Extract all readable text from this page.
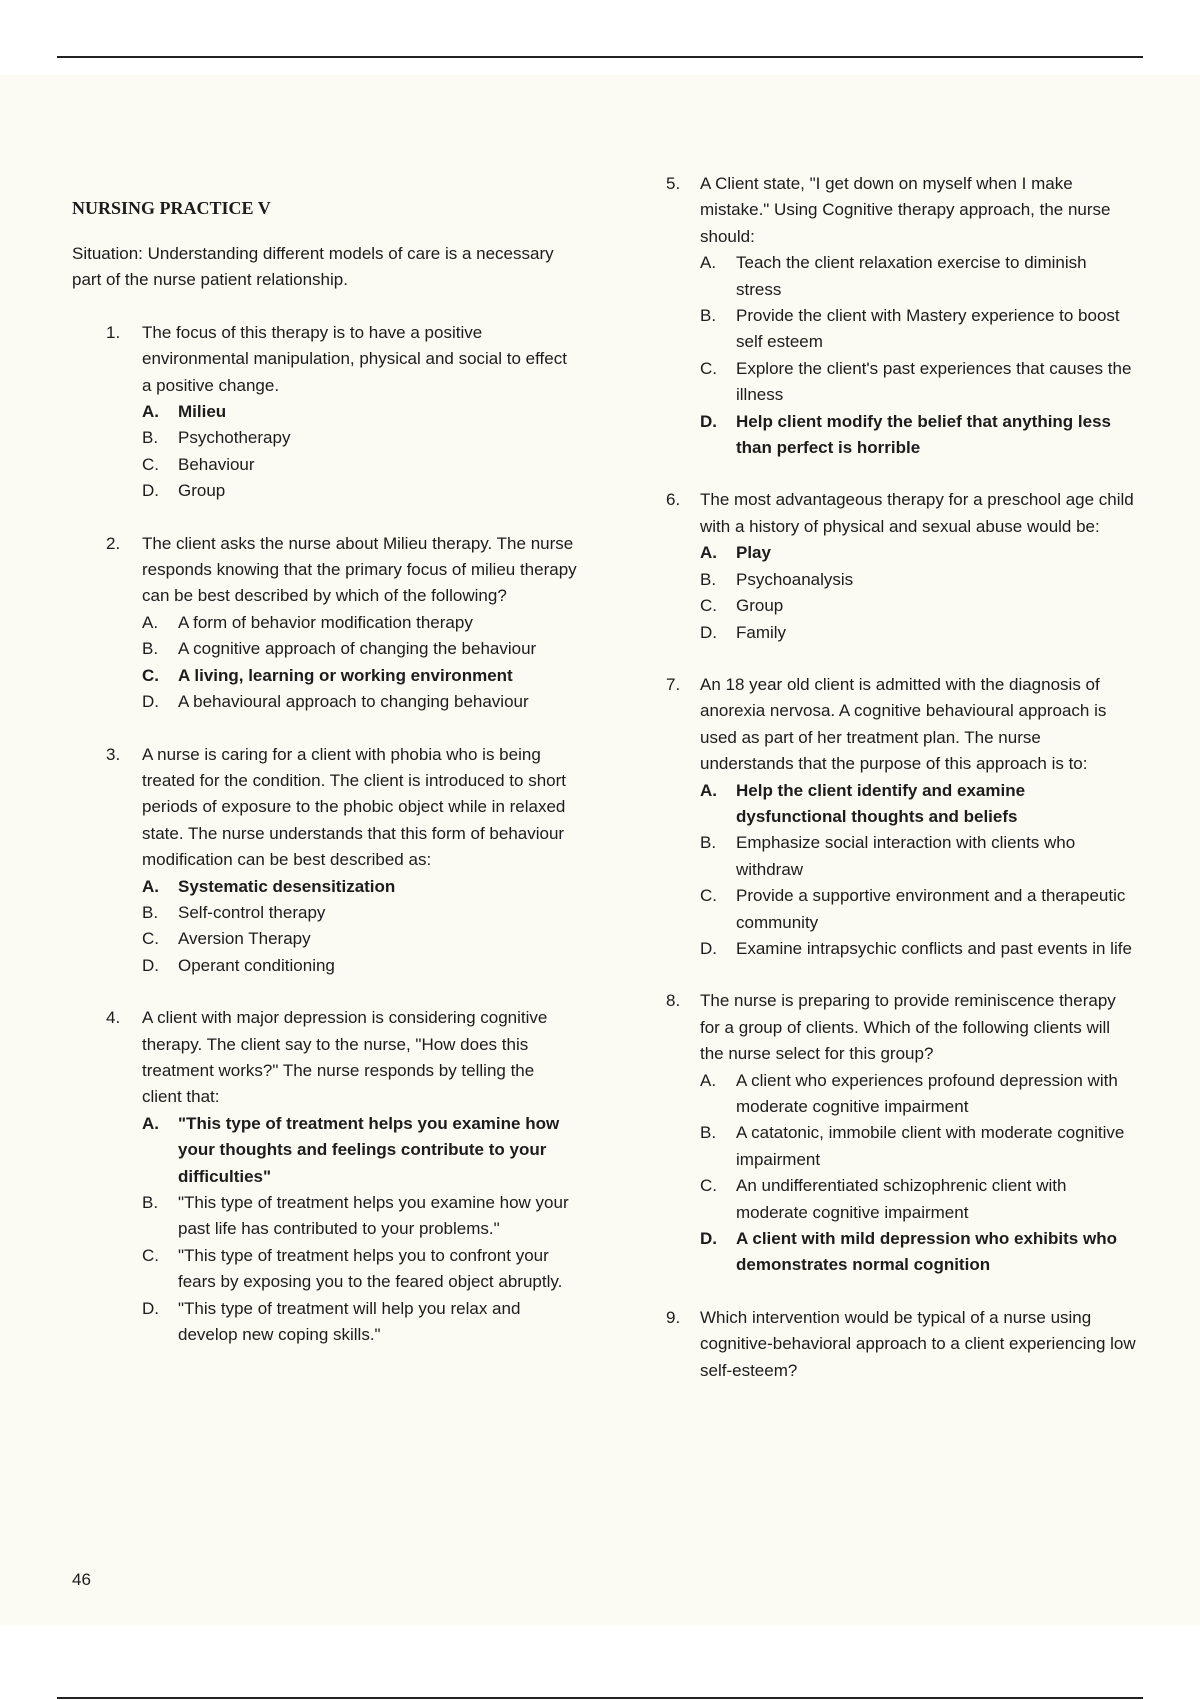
NURSING PRACTICE V
Situation: Understanding different models of care is a necessary part of the nurse patient relationship.
1. The focus of this therapy is to have a positive environmental manipulation, physical and social to effect a positive change.
A. Milieu
B. Psychotherapy
C. Behaviour
D. Group
2. The client asks the nurse about Milieu therapy. The nurse responds knowing that the primary focus of milieu therapy can be best described by which of the following?
A. A form of behavior modification therapy
B. A cognitive approach of changing the behaviour
C. A living, learning or working environment
D. A behavioural approach to changing behaviour
3. A nurse is caring for a client with phobia who is being treated for the condition. The client is introduced to short periods of exposure to the phobic object while in relaxed state. The nurse understands that this form of behaviour modification can be best described as:
A. Systematic desensitization
B. Self-control therapy
C. Aversion Therapy
D. Operant conditioning
4. A client with major depression is considering cognitive therapy. The client say to the nurse, "How does this treatment works?" The nurse responds by telling the client that:
A. "This type of treatment helps you examine how your thoughts and feelings contribute to your difficulties"
B. "This type of treatment helps you examine how your past life has contributed to your problems."
C. "This type of treatment helps you to confront your fears by exposing you to the feared object abruptly.
D. "This type of treatment will help you relax and develop new coping skills."
5. A Client state, "I get down on myself when I make mistake." Using Cognitive therapy approach, the nurse should:
A. Teach the client relaxation exercise to diminish stress
B. Provide the client with Mastery experience to boost self esteem
C. Explore the client's past experiences that causes the illness
D. Help client modify the belief that anything less than perfect is horrible
6. The most advantageous therapy for a preschool age child with a history of physical and sexual abuse would be:
A. Play
B. Psychoanalysis
C. Group
D. Family
7. An 18 year old client is admitted with the diagnosis of anorexia nervosa. A cognitive behavioural approach is used as part of her treatment plan. The nurse understands that the purpose of this approach is to:
A. Help the client identify and examine dysfunctional thoughts and beliefs
B. Emphasize social interaction with clients who withdraw
C. Provide a supportive environment and a therapeutic community
D. Examine intrapsychic conflicts and past events in life
8. The nurse is preparing to provide reminiscence therapy for a group of clients. Which of the following clients will the nurse select for this group?
A. A client who experiences profound depression with moderate cognitive impairment
B. A catatonic, immobile client with moderate cognitive impairment
C. An undifferentiated schizophrenic client with moderate cognitive impairment
D. A client with mild depression who exhibits who demonstrates normal cognition
9. Which intervention would be typical of a nurse using cognitive-behavioral approach to a client experiencing low self-esteem?
46
